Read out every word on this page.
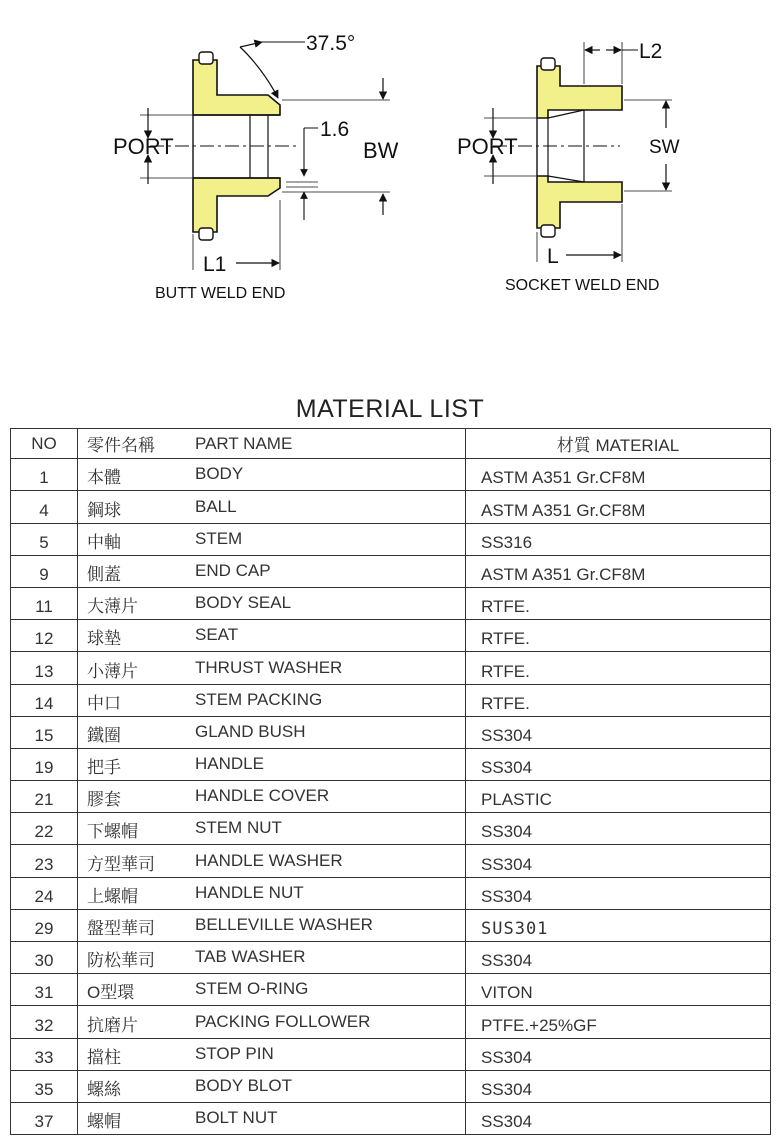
PORT
37.5°
BW
1.6
L1
BUTT WELD END
PORT
L2
SW
L
SOCKET WELD END
MATERIAL LIST
NO	零件名稱	PART NAME	材質 MATERIAL
1	本體	BODY	ASTM A351 Gr.CF8M
4	鋼球	BALL	ASTM A351 Gr.CF8M
5	中軸	STEM	SS316
9	側蓋	END CAP	ASTM A351 Gr.CF8M
11	大薄片	BODY SEAL	RTFE.
12	球墊	SEAT	RTFE.
13	小薄片	THRUST WASHER	RTFE.
14	中口	STEM PACKING	RTFE.
15	鐵圈	GLAND BUSH	SS304
19	把手	HANDLE	SS304
21	膠套	HANDLE COVER	PLASTIC
22	下螺帽	STEM NUT	SS304
23	方型華司	HANDLE WASHER	SS304
24	上螺帽	HANDLE NUT	SS304
29	盤型華司	BELLEVILLE WASHER	SUS301
30	防松華司	TAB WASHER	SS304
31	O型環	STEM O-RING	VITON
32	抗磨片	PACKING FOLLOWER	PTFE.+25%GF
33	擋柱	STOP PIN	SS304
35	螺絲	BODY BLOT	SS304
37	螺帽	BOLT NUT	SS304
